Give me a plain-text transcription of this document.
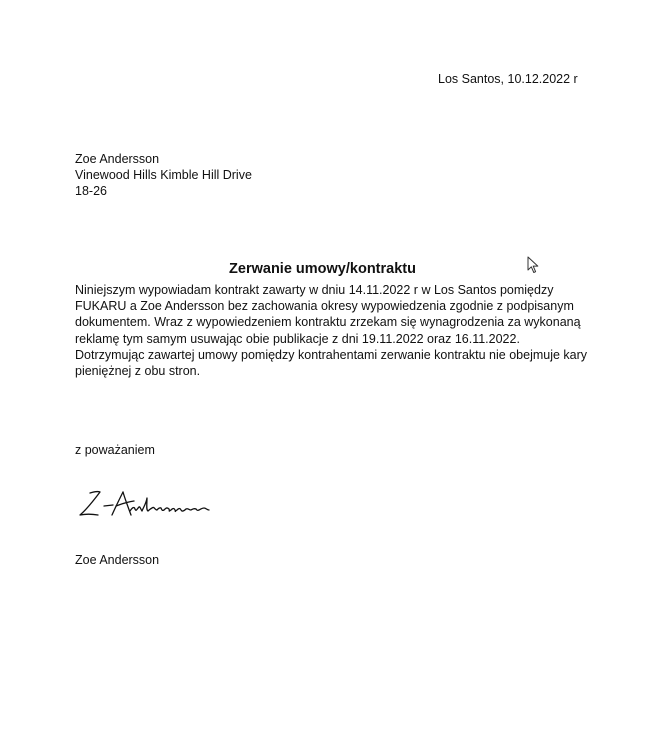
Los Santos, 10.12.2022 r
Zoe Andersson
Vinewood Hills Kimble Hill Drive
18-26
Zerwanie umowy/kontraktu
Niniejszym wypowiadam kontrakt zawarty w dniu 14.11.2022 r w Los Santos pomiędzy
FUKARU a Zoe Andersson bez zachowania okresy wypowiedzenia zgodnie z podpisanym
dokumentem. Wraz z wypowiedzeniem kontraktu zrzekam się wynagrodzenia za wykonaną
reklamę tym samym usuwając obie publikacje z dni 19.11.2022 oraz 16.11.2022.
Dotrzymując zawartej umowy pomiędzy kontrahentami zerwanie kontraktu nie obejmuje kary
pieniężnej z obu stron.
z poważaniem
Zoe Andersson
